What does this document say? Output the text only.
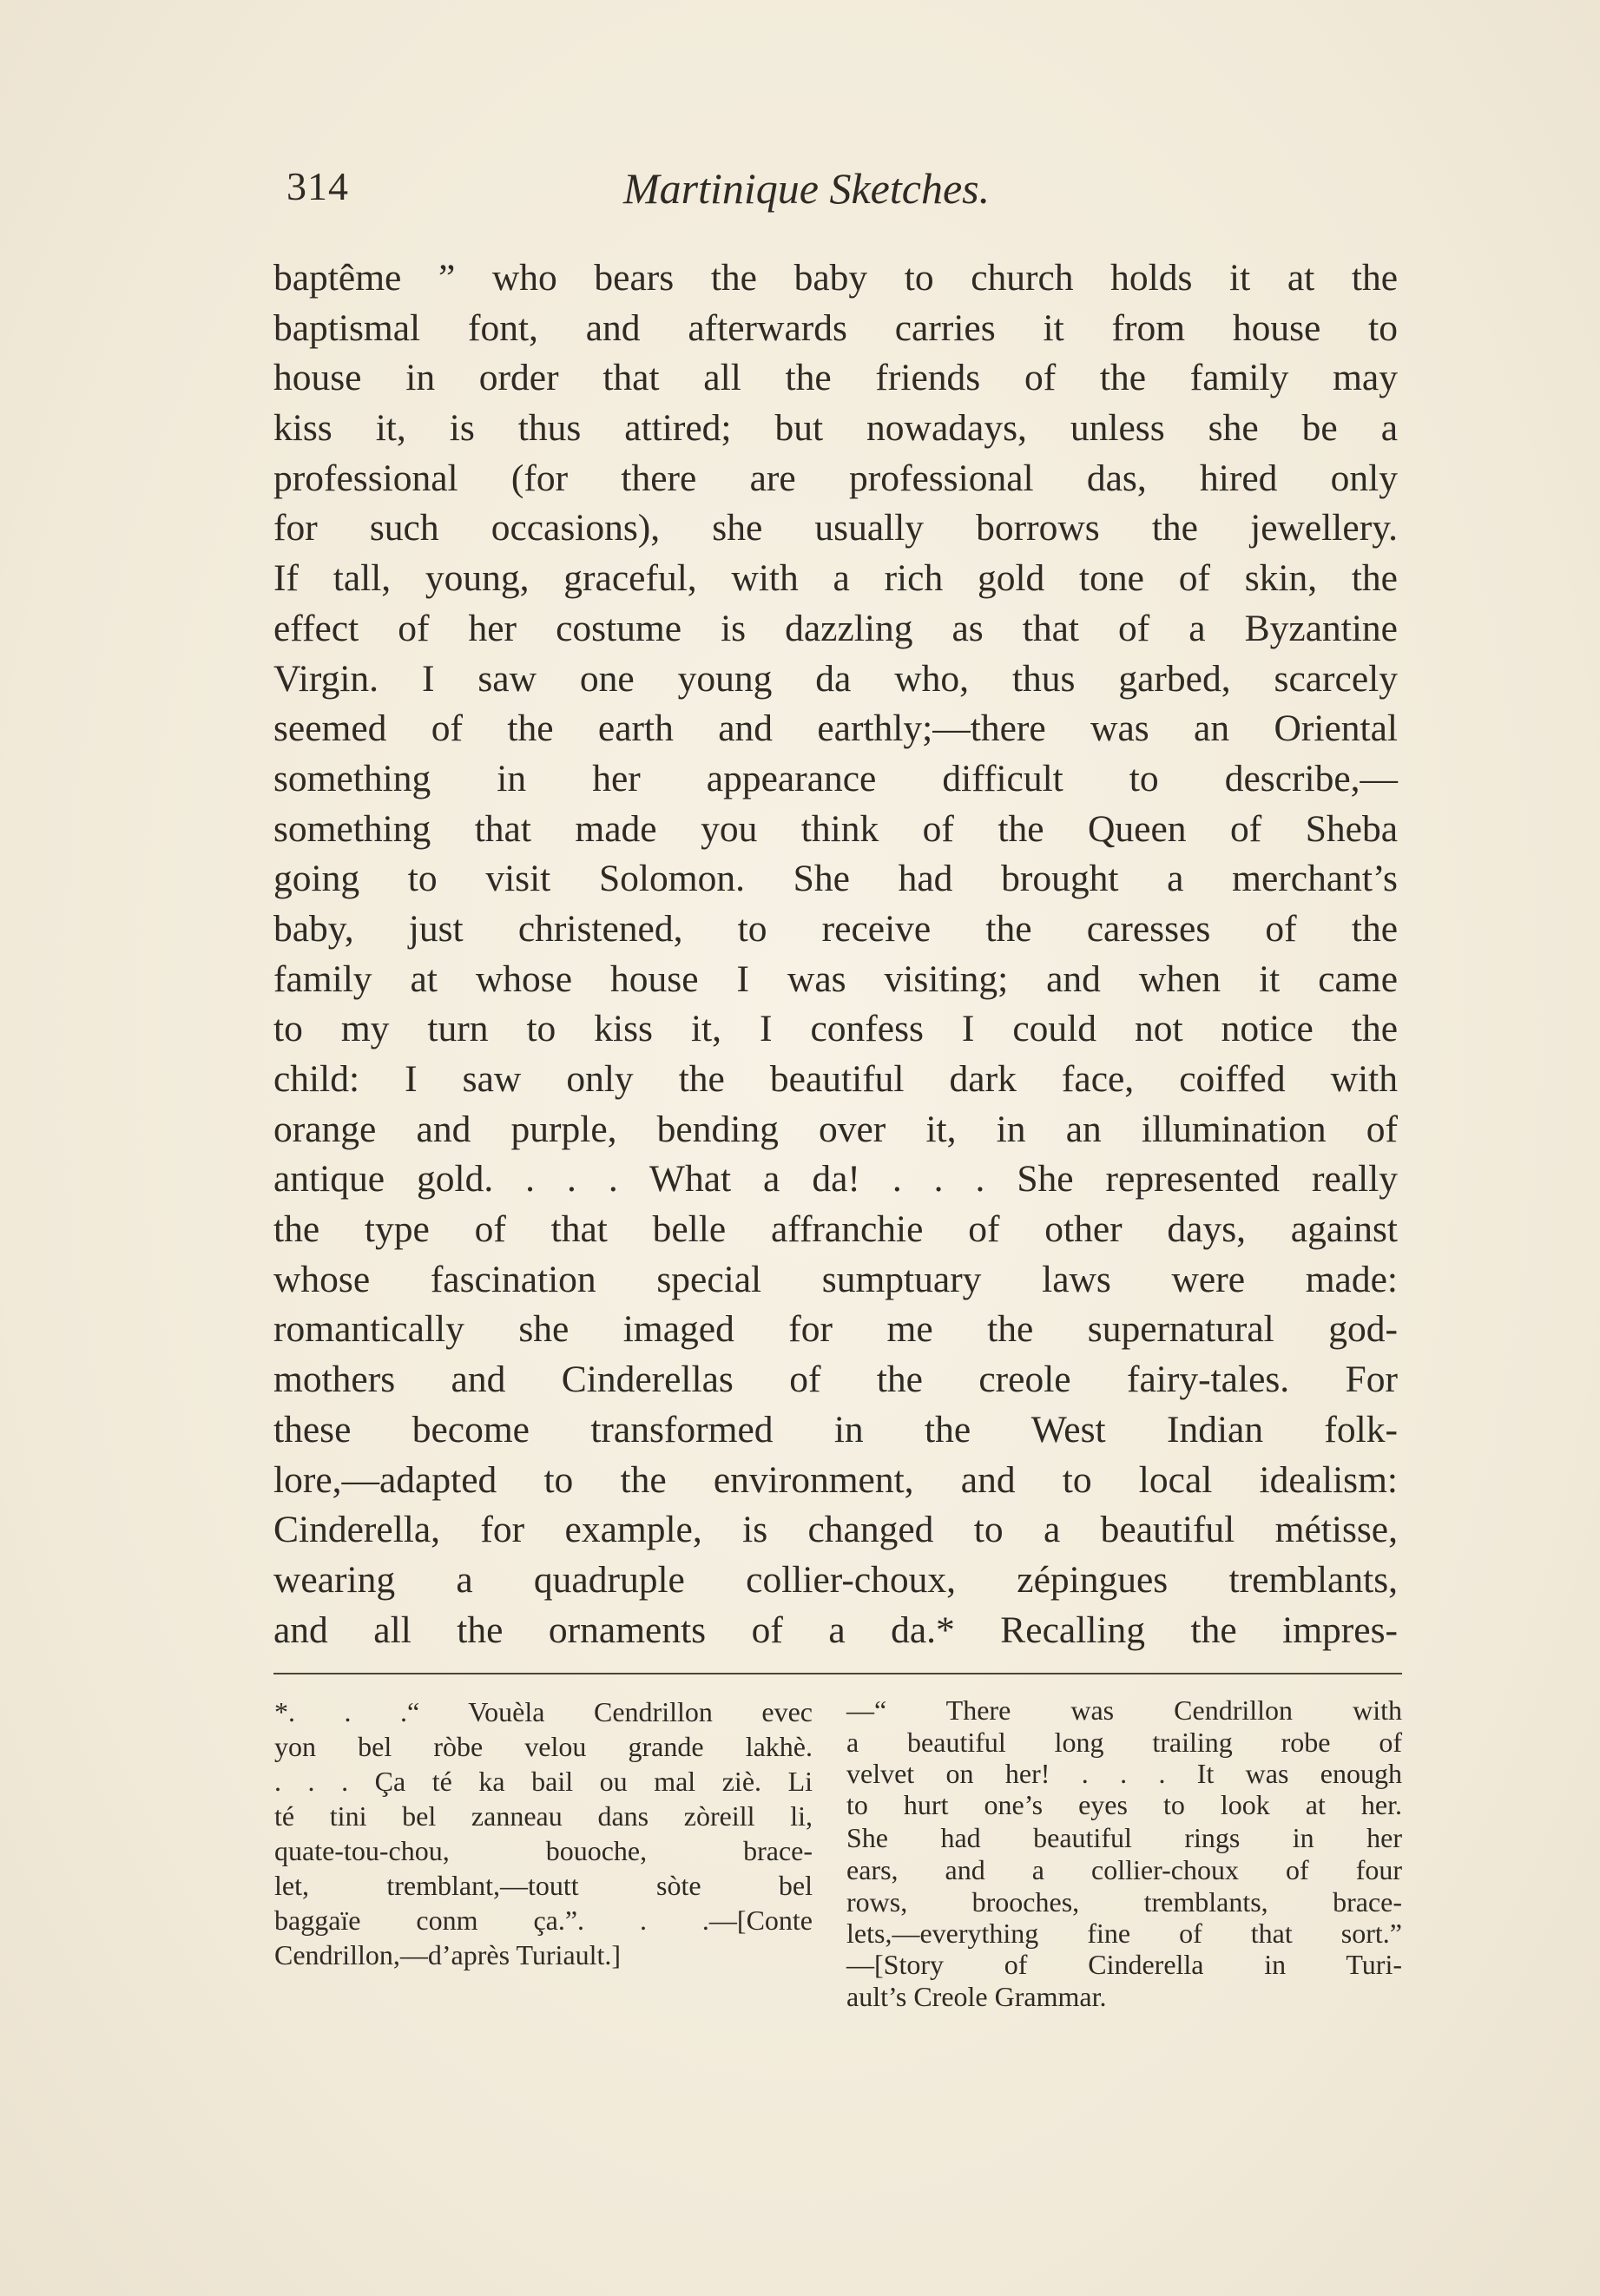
314	Martinique Sketches.
baptême ” who bears the baby to church holds it at the
baptismal font, and afterwards carries it from house to
house in order that all the friends of the family may
kiss it, is thus attired; but nowadays, unless she be a
professional (for there are professional das, hired only
for such occasions), she usually borrows the jewellery.
If tall, young, graceful, with a rich gold tone of skin, the
effect of her costume is dazzling as that of a Byzantine
Virgin. I saw one young da who, thus garbed, scarcely
seemed of the earth and earthly;—there was an Oriental
something in her appearance difficult to describe,—
something that made you think of the Queen of Sheba
going to visit Solomon. She had brought a merchant’s
baby, just christened, to receive the caresses of the
family at whose house I was visiting; and when it came
to my turn to kiss it, I confess I could not notice the
child: I saw only the beautiful dark face, coiffed with
orange and purple, bending over it, in an illumination of
antique gold. . . . What a da! . . . She represented really
the type of that belle affranchie of other days, against
whose fascination special sumptuary laws were made:
romantically she imaged for me the supernatural god-
mothers and Cinderellas of the creole fairy-tales. For
these become transformed in the West Indian folk-
lore,—adapted to the environment, and to local idealism:
Cinderella, for example, is changed to a beautiful métisse,
wearing a quadruple collier-choux, zépingues tremblants,
and all the ornaments of a da.* Recalling the impres-
*. . .“ Vouèla Cendrillon evec
yon bel ròbe velou grande lakhè.
. . . Ça té ka bail ou mal ziè. Li
té tini bel zanneau dans zòreill li,
quate-tou-chou, bouoche, brace-
let, tremblant,—toutt sòte bel
baggaïe conm ça.”. . .—[Conte
Cendrillon,—d’après Turiault.]
—“ There was Cendrillon with
a beautiful long trailing robe of
velvet on her! . . . It was enough
to hurt one’s eyes to look at her.
She had beautiful rings in her
ears, and a collier-choux of four
rows, brooches, tremblants, brace-
lets,—everything fine of that sort.”
—[Story of Cinderella in Turi-
ault’s Creole Grammar.
